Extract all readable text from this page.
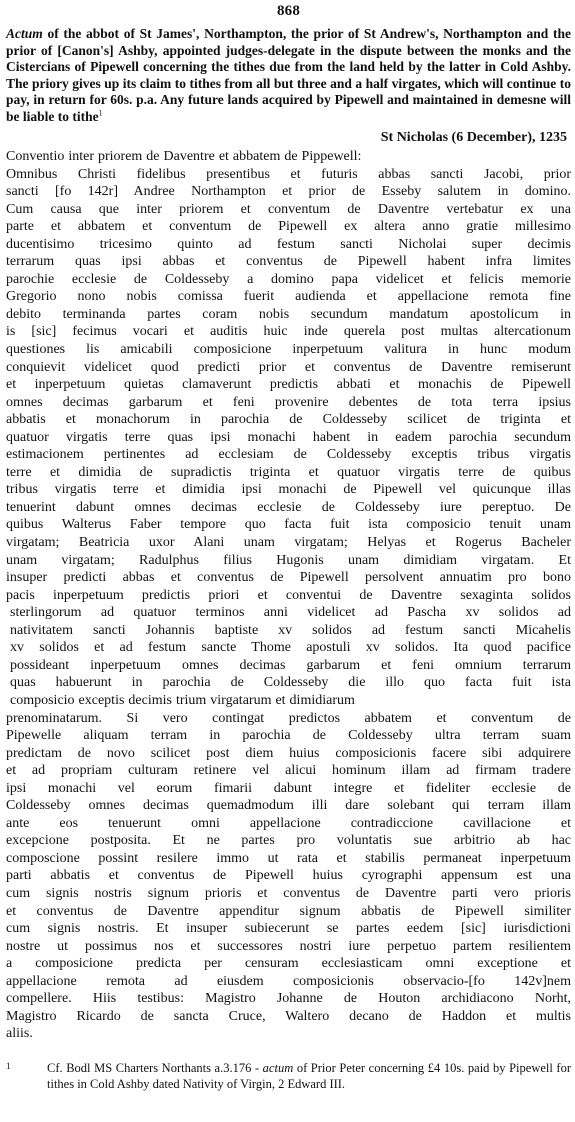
868

Actum of the abbot of St James', Northampton, the prior of St Andrew's, Northampton and the prior of [Canon's] Ashby, appointed judges-delegate in the dispute between the monks and the Cistercians of Pipewell concerning the tithes due from the land held by the latter in Cold Ashby. The priory gives up its claim to tithes from all but three and a half virgates, which will continue to pay, in return for 60s. p.a. Any future lands acquired by Pipewell and maintained in demesne will be liable to tithe$^1$

St Nicholas (6 December), 1235
Conventio inter priorem de Daventre et abbatem de Pippewell:
Omnibus Christi fidelibus presentibus et futuris abbas sancti Jacobi, prior
sancti [fo 142r] Andree Northampton et prior de Esseby salutem in domino.
Cum causa que inter priorem et conventum de Daventre vertebatur ex una
parte et abbatem et conventum de Pipewell ex altera anno gratie millesimo
ducentisimo tricesimo quinto ad festum sancti Nicholai super decimis
terrarum quas ipsi abbas et conventus de Pipewell habent infra limites
parochie ecclesie de Coldesseby a domino papa videlicet et felicis memorie
Gregorio nono nobis comissa fuerit audienda et appellacione remota fine
debito terminanda partes coram nobis secundum mandatum apostolicum in
is [sic] fecimus vocari et auditis huic inde querela post multas altercationum
questiones lis amicabili composicione inperpetuum valitura in hunc modum
conquievit videlicet quod predicti prior et conventus de Daventre remiserunt
et inperpetuum quietas clamaverunt predictis abbati et monachis de Pipewell
omnes decimas garbarum et feni provenire debentes de tota terra ipsius
abbatis et monachorum in parochia de Coldesseby scilicet de triginta et
quatuor virgatis terre quas ipsi monachi habent in eadem parochia secundum
estimacionem pertinentes ad ecclesiam de Coldesseby exceptis tribus virgatis
terre et dimidia de supradictis triginta et quatuor virgatis terre de quibus
tribus virgatis terre et dimidia ipsi monachi de Pipewell vel quicunque illas
tenuerint dabunt omnes decimas ecclesie de Coldesseby iure pereptuo. De
quibus Walterus Faber tempore quo facta fuit ista composicio tenuit unam
virgatam; Beatricia uxor Alani unam virgatam; Helyas et Rogerus Bacheler
unam virgatam; Radulphus filius Hugonis unam dimidiam virgatam. Et
insuper predicti abbas et conventus de Pipewell persolvent annuatim pro bono
pacis inperpetuum predictis priori et conventui de Daventre sexaginta solidos
sterlingorum ad quatuor terminos anni videlicet ad Pascha xv solidos ad
nativitatem sancti Johannis baptiste xv solidos ad festum sancti Micahelis
xv solidos et ad festum sancte Thome apostuli xv solidos. Ita quod pacifice
possideant inperpetuum omnes decimas garbarum et feni omnium terrarum
quas habuerunt in parochia de Coldesseby die illo quo facta fuit ista
composicio exceptis decimis trium virgatarum et dimidiarum
prenominatarum. Si vero contingat predictos abbatem et conventum de
Pipewelle aliquam terram in parochia de Coldesseby ultra terram suam
predictam de novo scilicet post diem huius composicionis facere sibi adquirere
et ad propriam culturam retinere vel alicui hominum illam ad firmam tradere
ipsi monachi vel eorum fimarii dabunt integre et fideliter ecclesie de
Coldesseby omnes decimas quemadmodum illi dare solebant qui terram illam
ante eos tenuerunt omni appellacione contradiccione cavillacione et
excepcione postposita. Et ne partes pro voluntatis sue arbitrio ab hac
composcione possint resilere immo ut rata et stabilis permaneat inperpetuum
parti abbatis et conventus de Pipewell huius cyrographi appensum est una
cum signis nostris signum prioris et conventus de Daventre parti vero prioris
et conventus de Daventre appenditur signum abbatis de Pipewell similiter
cum signis nostris. Et insuper subiecerunt se partes eedem [sic] iurisdictioni
nostre ut possimus nos et successores nostri iure perpetuo partem resilientem
a composicione predicta per censuram ecclesiasticam omni exceptione et
appellacione remota ad eiusdem composicionis observacio-[fo 142v]nem
compellere. Hiis testibus: Magistro Johanne de Houton archidiacono Norht,
Magistro Ricardo de sancta Cruce, Waltero decano de Haddon et multis
aliis.
1	Cf. Bodl MS Charters Northants a.3.176 - actum of Prior Peter concerning £4 10s. paid by Pipewell for tithes in Cold Ashby dated Nativity of Virgin, 2 Edward III.
